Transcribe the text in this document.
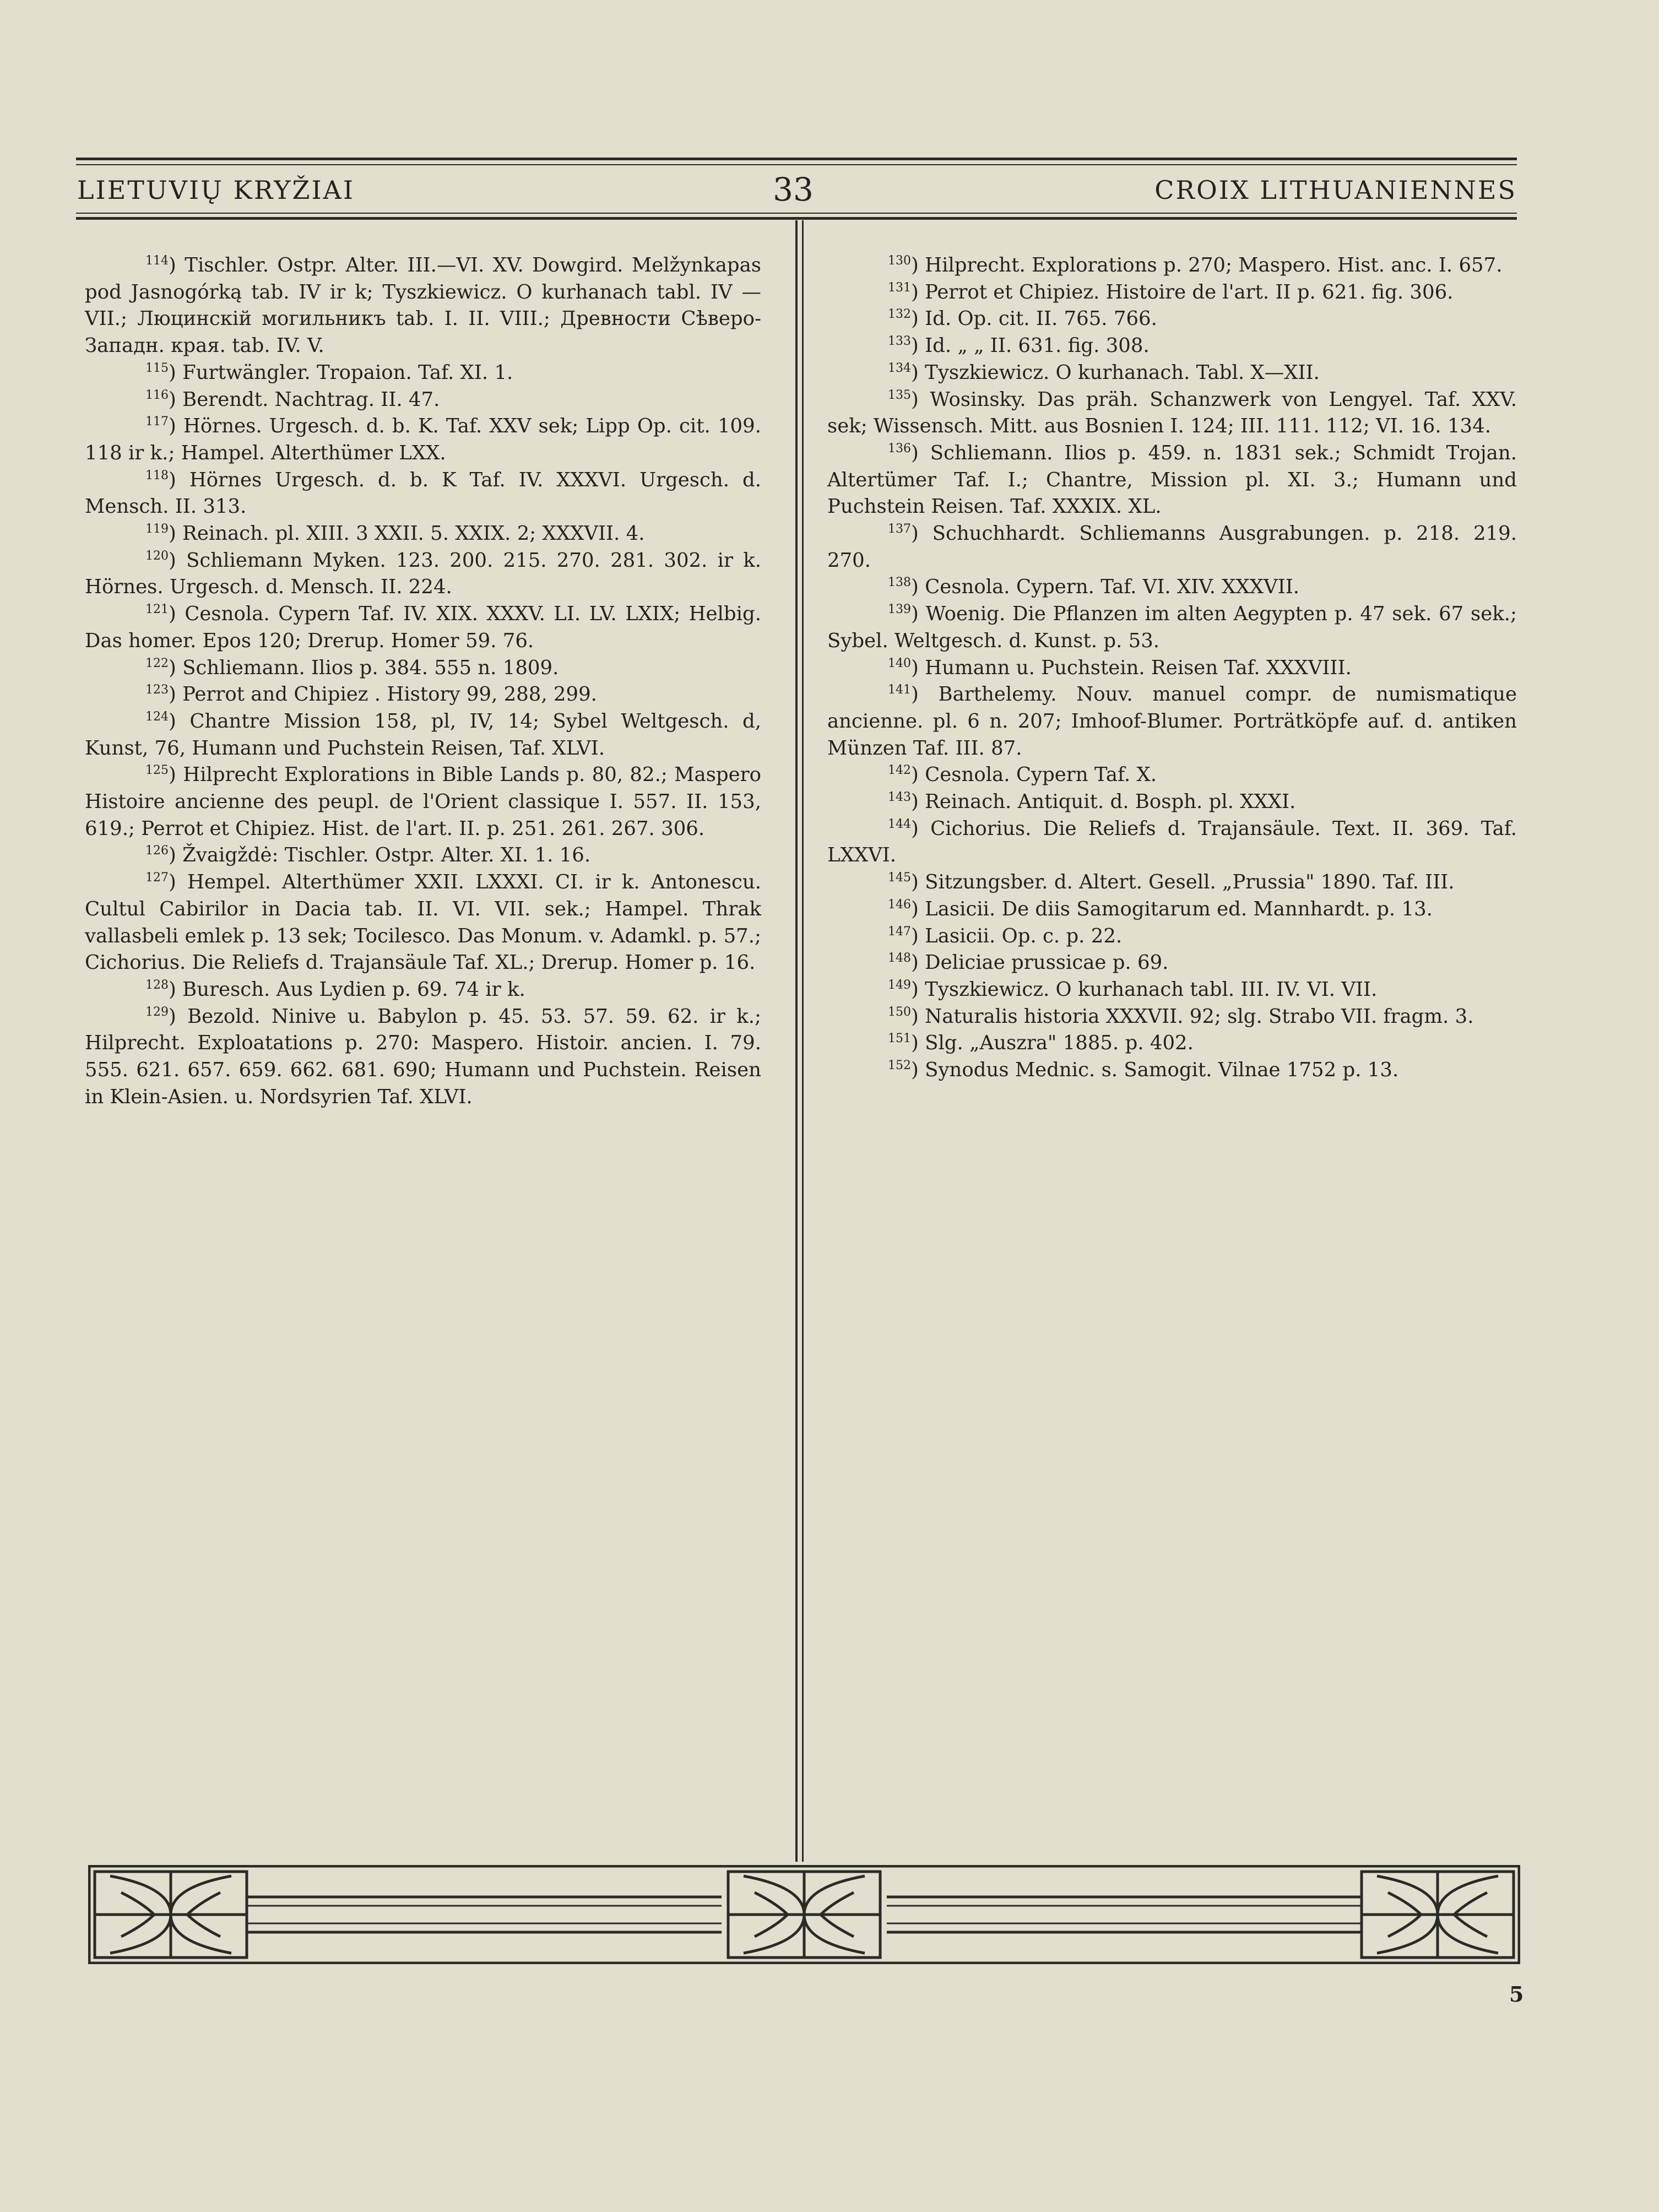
LIETUVIŲ KRYŽIAI	33	CROIX LITHUANIENNES

$^{114}$) Tischler. Ostpr. Alter. III.—VI. XV. Dowgird. Melžynkapas pod Jasnogórką tab. IV ir k; Tyszkiewicz. O kurhanach tabl. IV — VII.; Люцинскiй могильникъ tab. I. II. VIII.; Древности Сѣверо-Западн. края. tab. IV. V.

$^{115}$) Furtwängler. Tropaion. Taf. XI. 1.

$^{116}$) Berendt. Nachtrag. II. 47.

$^{117}$) Hörnes. Urgesch. d. b. K. Taf. XXV sek; Lipp Op. cit. 109. 118 ir k.; Hampel. Alterthümer LXX.

$^{118}$) Hörnes Urgesch. d. b. K Taf. IV. XXXVI. Urgesch. d. Mensch. II. 313.

$^{119}$) Reinach. pl. XIII. 3 XXII. 5. XXIX. 2; XXXVII. 4.

$^{120}$) Schliemann Myken. 123. 200. 215. 270. 281. 302. ir k. Hörnes. Urgesch. d. Mensch. II. 224.

$^{121}$) Cesnola. Cypern Taf. IV. XIX. XXXV. LI. LV. LXIX; Helbig. Das homer. Epos 120; Drerup. Homer 59. 76.

$^{122}$) Schliemann. Ilios p. 384. 555 n. 1809.

$^{123}$) Perrot and Chipiez . History 99, 288, 299.

$^{124}$) Chantre Mission 158, pl, IV, 14; Sybel Weltgesch. d, Kunst, 76, Humann und Puchstein Reisen, Taf. XLVI.

$^{125}$) Hilprecht Explorations in Bible Lands p. 80, 82.; Maspero Histoire ancienne des peupl. de l'Orient classique I. 557. II. 153, 619.; Perrot et Chipiez. Hist. de l'art. II. p. 251. 261. 267. 306.

$^{126}$) Žvaigždė: Tischler. Ostpr. Alter. XI. 1. 16.

$^{127}$) Hempel. Alterthümer XXII. LXXXI. CI. ir k. Antonescu. Cultul Cabirilor in Dacia tab. II. VI. VII. sek.; Hampel. Thrak vallasbeli emlek p. 13 sek; Tocilesco. Das Monum. v. Adamkl. p. 57.; Cichorius. Die Reliefs d. Trajansäule Taf. XL.; Drerup. Homer p. 16.

$^{128}$) Buresch. Aus Lydien p. 69. 74 ir k.

$^{129}$) Bezold. Ninive u. Babylon p. 45. 53. 57. 59. 62. ir k.; Hilprecht. Exploatations p. 270: Maspero. Histoir. ancien. I. 79. 555. 621. 657. 659. 662. 681. 690; Humann und Puchstein. Reisen in Klein-Asien. u. Nordsyrien Taf. XLVI.

$^{130}$) Hilprecht. Explorations p. 270; Maspero. Hist. anc. I. 657.

$^{131}$) Perrot et Chipiez. Histoire de l'art. II p. 621. fig. 306.

$^{132}$) Id. Op. cit. II. 765. 766.

$^{133}$) Id. „ „ II. 631. fig. 308.

$^{134}$) Tyszkiewicz. O kurhanach. Tabl. X—XII.

$^{135}$) Wosinsky. Das präh. Schanzwerk von Lengyel. Taf. XXV. sek; Wissensch. Mitt. aus Bosnien I. 124; III. 111. 112; VI. 16. 134.

$^{136}$) Schliemann. Ilios p. 459. n. 1831 sek.; Schmidt Trojan. Altertümer Taf. I.; Chantre, Mission pl. XI. 3.; Humann und Puchstein Reisen. Taf. XXXIX. XL.

$^{137}$) Schuchhardt. Schliemanns Ausgrabungen. p. 218. 219. 270.

$^{138}$) Cesnola. Cypern. Taf. VI. XIV. XXXVII.

$^{139}$) Woenig. Die Pflanzen im alten Aegypten p. 47 sek. 67 sek.; Sybel. Weltgesch. d. Kunst. p. 53.

$^{140}$) Humann u. Puchstein. Reisen Taf. XXXVIII.

$^{141}$) Barthelemy. Nouv. manuel compr. de numismatique ancienne. pl. 6 n. 207; Imhoof-Blumer. Porträtköpfe auf. d. antiken Münzen Taf. III. 87.

$^{142}$) Cesnola. Cypern Taf. X.

$^{143}$) Reinach. Antiquit. d. Bosph. pl. XXXI.

$^{144}$) Cichorius. Die Reliefs d. Trajansäule. Text. II. 369. Taf. LXXVI.

$^{145}$) Sitzungsber. d. Altert. Gesell. „Prussia" 1890. Taf. III.

$^{146}$) Lasicii. De diis Samogitarum ed. Mannhardt. p. 13.

$^{147}$) Lasicii. Op. c. p. 22.

$^{148}$) Deliciae prussicae p. 69.

$^{149}$) Tyszkiewicz. O kurhanach tabl. III. IV. VI. VII.

$^{150}$) Naturalis historia XXXVII. 92; slg. Strabo VII. fragm. 3.

$^{151}$) Slg. „Auszra" 1885. p. 402.

$^{152}$) Synodus Mednic. s. Samogit. Vilnae 1752 p. 13.

5
